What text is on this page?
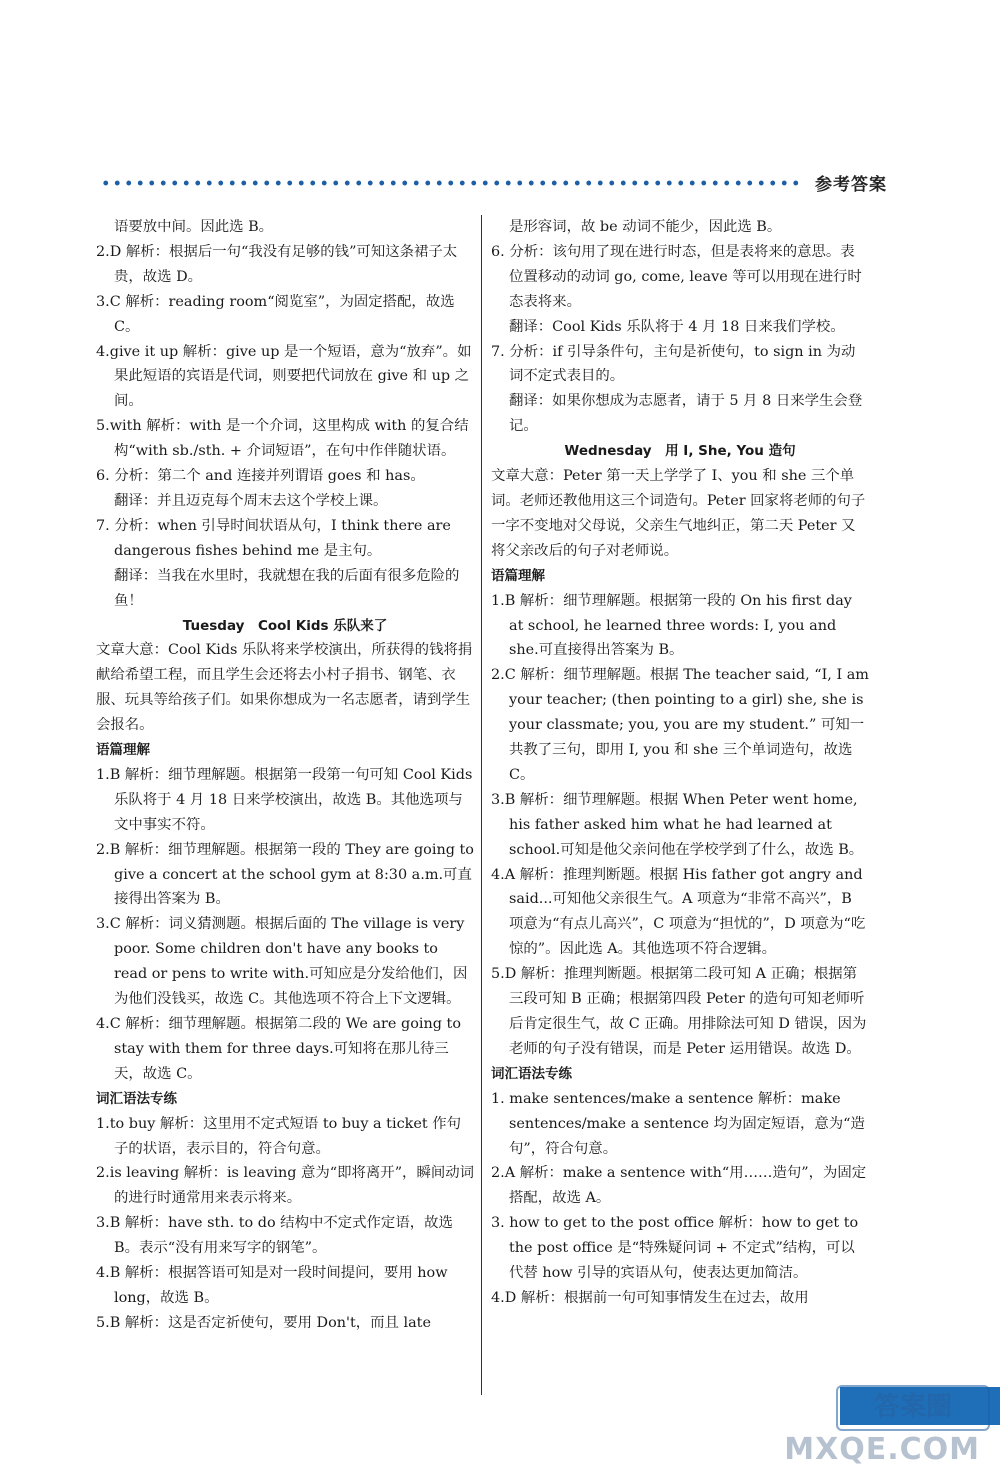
参考答案
语要放中间。因此选 B。
2.D 解析：根据后一句“我没有足够的钱”可知这条裙子太贵，故选 D。
3.C 解析：reading room“阅览室”，为固定搭配，故选 C。
4.give it up 解析：give up 是一个短语，意为“放弃”。如果此短语的宾语是代词，则要把代词放在 give 和 up 之间。
5.with 解析：with 是一个介词，这里构成 with 的复合结构“with sb./sth. + 介词短语”，在句中作伴随状语。
6. 分析：第二个 and 连接并列谓语 goes 和 has。
翻译：并且迈克每个周末去这个学校上课。
7. 分析：when 引导时间状语从句，I think there are dangerous fishes behind me 是主句。
翻译：当我在水里时，我就想在我的后面有很多危险的鱼！
Tuesday　Cool Kids 乐队来了
文章大意：Cool Kids 乐队将来学校演出，所获得的钱将捐献给希望工程，而且学生会还将去小村子捐书、钢笔、衣服、玩具等给孩子们。如果你想成为一名志愿者，请到学生会报名。
语篇理解
1.B 解析：细节理解题。根据第一段第一句可知 Cool Kids 乐队将于 4 月 18 日来学校演出，故选 B。其他选项与文中事实不符。
2.B 解析：细节理解题。根据第一段的 They are going to give a concert at the school gym at 8:30 a.m.可直接得出答案为 B。
3.C 解析：词义猜测题。根据后面的 The village is very poor. Some children don't have any books to read or pens to write with.可知应是分发给他们，因为他们没钱买，故选 C。其他选项不符合上下文逻辑。
4.C 解析：细节理解题。根据第二段的 We are going to stay with them for three days.可知将在那儿待三天，故选 C。
词汇语法专练
1.to buy 解析：这里用不定式短语 to buy a ticket 作句子的状语，表示目的，符合句意。
2.is leaving 解析：is leaving 意为“即将离开”，瞬间动词的进行时通常用来表示将来。
3.B 解析：have sth. to do 结构中不定式作定语，故选 B。表示“没有用来写字的钢笔”。
4.B 解析：根据答语可知是对一段时间提问，要用 how long，故选 B。
5.B 解析：这是否定祈使句，要用 Don't，而且 late
是形容词，故 be 动词不能少，因此选 B。
6. 分析：该句用了现在进行时态，但是表将来的意思。表位置移动的动词 go, come, leave 等可以用现在进行时态表将来。
翻译：Cool Kids 乐队将于 4 月 18 日来我们学校。
7. 分析：if 引导条件句，主句是祈使句，to sign in 为动词不定式表目的。
翻译：如果你想成为志愿者，请于 5 月 8 日来学生会登记。
Wednesday　用 I, She, You 造句
文章大意：Peter 第一天上学学了 I、you 和 she 三个单词。老师还教他用这三个词造句。Peter 回家将老师的句子一字不变地对父母说，父亲生气地纠正，第二天 Peter 又将父亲改后的句子对老师说。
语篇理解
1.B 解析：细节理解题。根据第一段的 On his first day at school, he learned three words: I, you and she.可直接得出答案为 B。
2.C 解析：细节理解题。根据 The teacher said, “I, I am your teacher; (then pointing to a girl) she, she is your classmate; you, you are my student.” 可知一共教了三句，即用 I, you 和 she 三个单词造句，故选 C。
3.B 解析：细节理解题。根据 When Peter went home, his father asked him what he had learned at school.可知是他父亲问他在学校学到了什么，故选 B。
4.A 解析：推理判断题。根据 His father got angry and said...可知他父亲很生气。A 项意为“非常不高兴”，B 项意为“有点儿高兴”，C 项意为“担忧的”，D 项意为“吃惊的”。因此选 A。其他选项不符合逻辑。
5.D 解析：推理判断题。根据第二段可知 A 正确；根据第三段可知 B 正确；根据第四段 Peter 的造句可知老师听后肯定很生气，故 C 正确。用排除法可知 D 错误，因为老师的句子没有错误，而是 Peter 运用错误。故选 D。
词汇语法专练
1. make sentences/make a sentence 解析：make sentences/make a sentence 均为固定短语，意为“造句”，符合句意。
2.A 解析：make a sentence with“用……造句”，为固定搭配，故选 A。
3. how to get to the post office 解析：how to get to the post office 是“特殊疑问词 + 不定式”结构，可以代替 how 引导的宾语从句，使表达更加简洁。
4.D 解析：根据前一句可知事情发生在过去，故用
答案圈
MXQE.COM
